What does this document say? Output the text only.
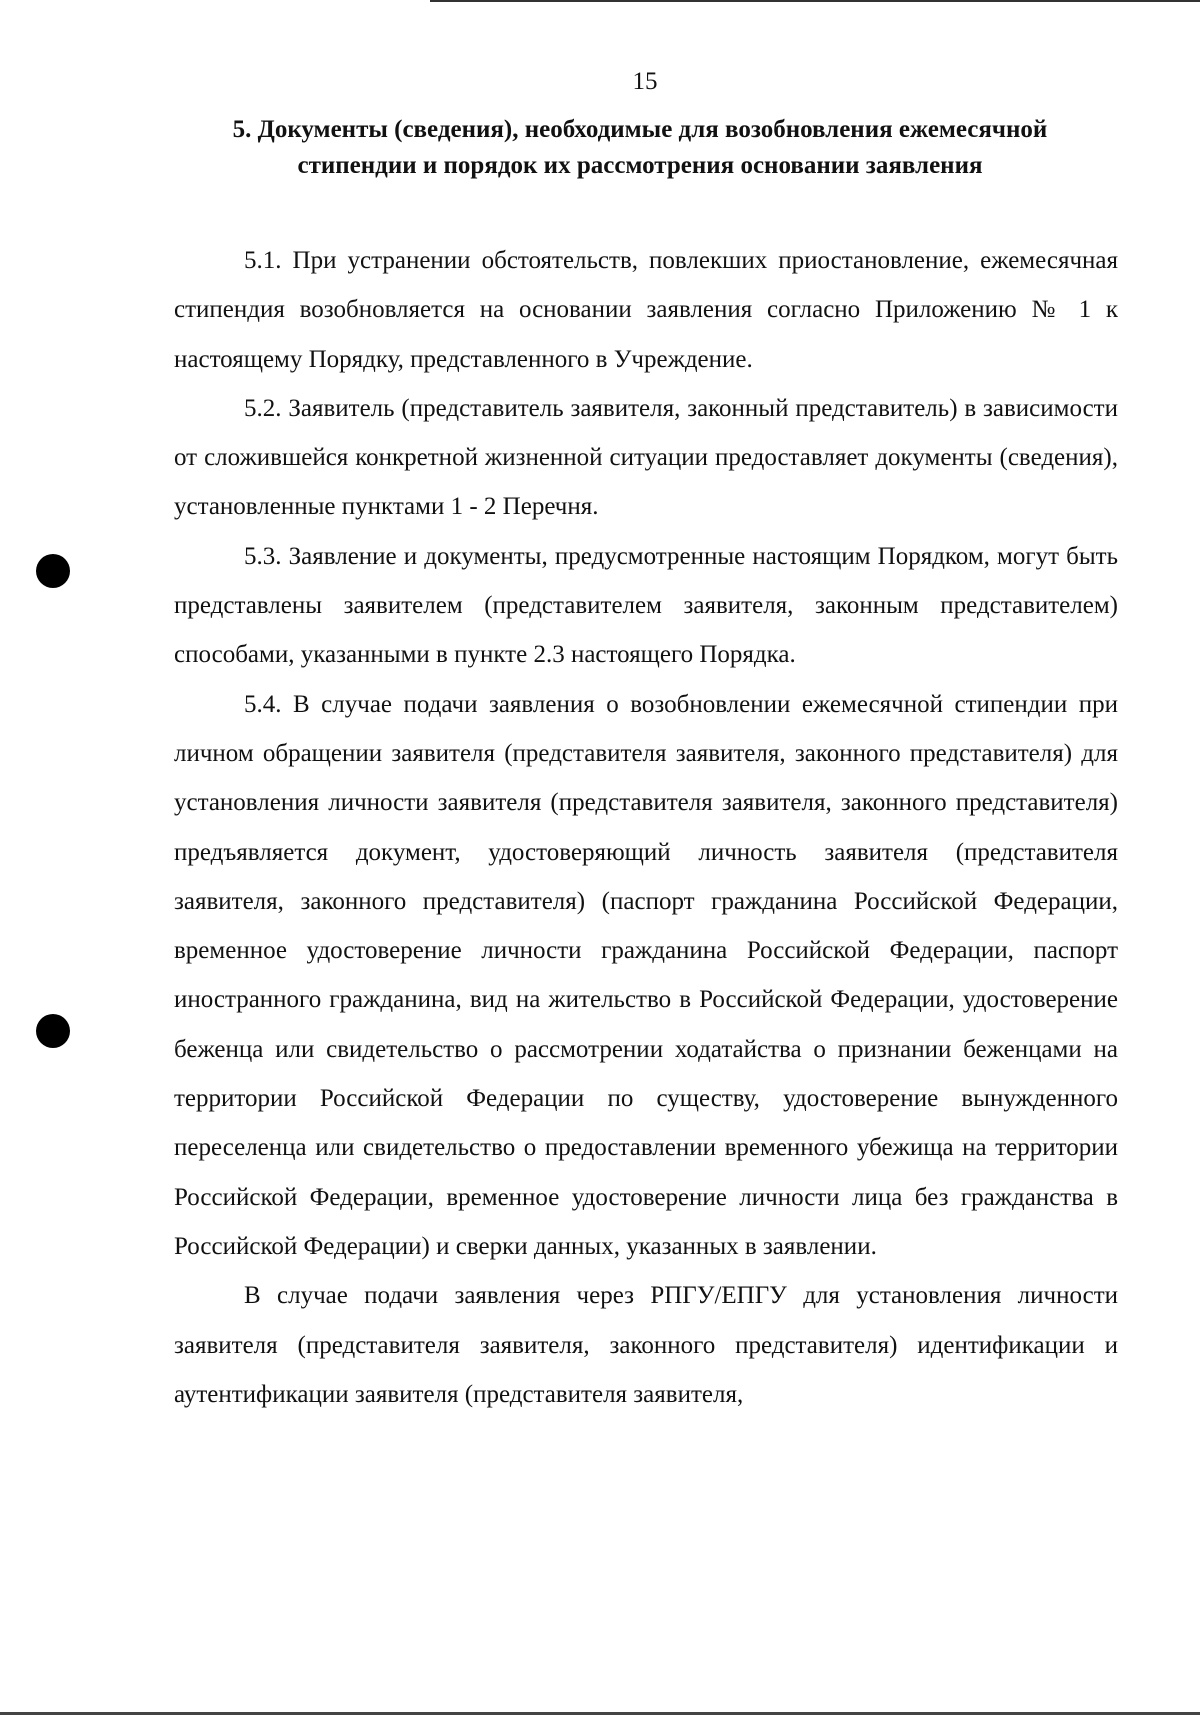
15
5. Документы (сведения), необходимые для возобновления ежемесячной стипендии и порядок их рассмотрения основании заявления

5.1. При устранении обстоятельств, повлекших приостановление, ежемесячная стипендия возобновляется на основании заявления согласно Приложению № 1 к настоящему Порядку, представленного в Учреждение.

5.2. Заявитель (представитель заявителя, законный представитель) в зависимости от сложившейся конкретной жизненной ситуации предоставляет документы (сведения), установленные пунктами 1 - 2 Перечня.

5.3. Заявление и документы, предусмотренные настоящим Порядком, могут быть представлены заявителем (представителем заявителя, законным представителем) способами, указанными в пункте 2.3 настоящего Порядка.

5.4. В случае подачи заявления о возобновлении ежемесячной стипендии при личном обращении заявителя (представителя заявителя, законного представителя) для установления личности заявителя (представителя заявителя, законного представителя) предъявляется документ, удостоверяющий личность заявителя (представителя заявителя, законного представителя) (паспорт гражданина Российской Федерации, временное удостоверение личности гражданина Российской Федерации, паспорт иностранного гражданина, вид на жительство в Российской Федерации, удостоверение беженца или свидетельство о рассмотрении ходатайства о признании беженцами на территории Российской Федерации по существу, удостоверение вынужденного переселенца или свидетельство о предоставлении временного убежища на территории Российской Федерации, временное удостоверение личности лица без гражданства в Российской Федерации) и сверки данных, указанных в заявлении.

В случае подачи заявления через РПГУ/ЕПГУ для установления личности заявителя (представителя заявителя, законного представителя) идентификации и аутентификации заявителя (представителя заявителя,
